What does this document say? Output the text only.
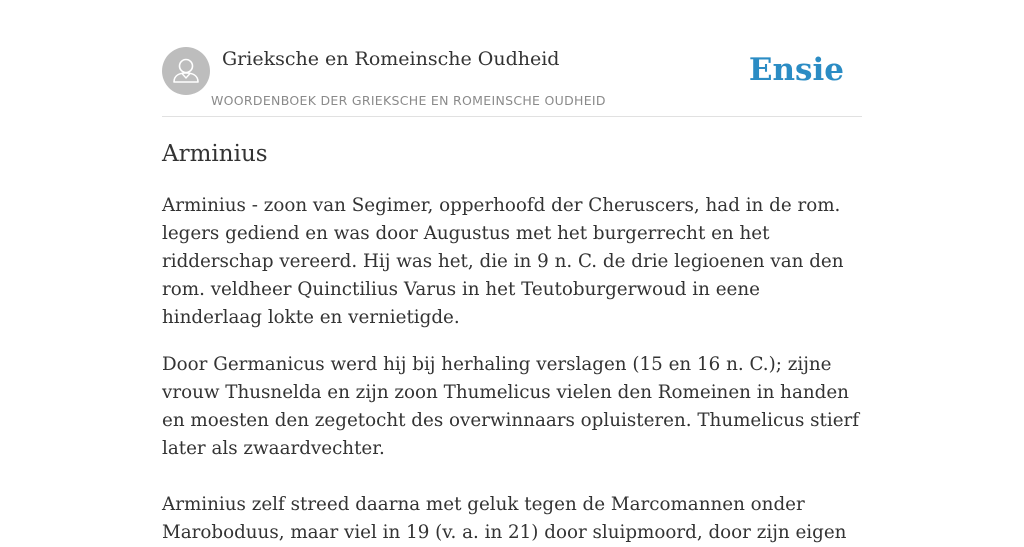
Grieksche en Romeinsche Oudheid
WOORDENBOEK DER GRIEKSCHE EN ROMEINSCHE OUDHEID
Ensie
Arminius

Arminius - zoon van Segimer, opperhoofd der Cheruscers, had in de rom. legers gediend en was door Augustus met het burgerrecht en het ridderschap vereerd. Hij was het, die in 9 n. C. de drie legioenen van den rom. veldheer Quinctilius Varus in het Teutoburgerwoud in eene hinderlaag lokte en vernietigde.

Door Germanicus werd hij bij herhaling verslagen (15 en 16 n. C.); zijne vrouw Thusnelda en zijn zoon Thumelicus vielen den Romeinen in handen en moesten den zegetocht des overwinnaars opluisteren. Thumelicus stierf later als zwaardvechter.

Arminius zelf streed daarna met geluk tegen de Marcomannen onder Maroboduus, maar viel in 19 (v. a. in 21) door sluipmoord, door zijn eigen
